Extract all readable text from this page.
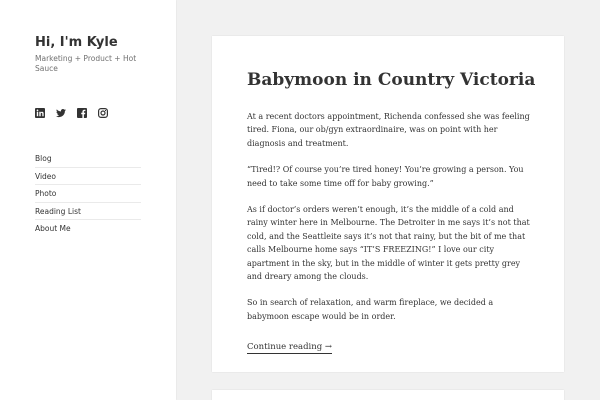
Hi, I'm Kyle
Marketing + Product + Hot Sauce
Blog
Video
Photo
Reading List
About Me
Babymoon in Country Victoria

At a recent doctors appointment, Richenda confessed she was feeling tired. Fiona, our ob/gyn extraordinaire, was on point with her diagnosis and treatment.

“Tired!? Of course you’re tired honey! You’re growing a person. You need to take some time off for baby growing.”

As if doctor’s orders weren’t enough, it’s the middle of a cold and rainy winter here in Melbourne. The Detroiter in me says it’s not that cold, and the Seattleite says it’s not that rainy, but the bit of me that calls Melbourne home says “IT’S FREEZING!” I love our city apartment in the sky, but in the middle of winter it gets pretty grey and dreary among the clouds.

So in search of relaxation, and warm fireplace, we decided a babymoon escape would be in order.

Continue reading →
